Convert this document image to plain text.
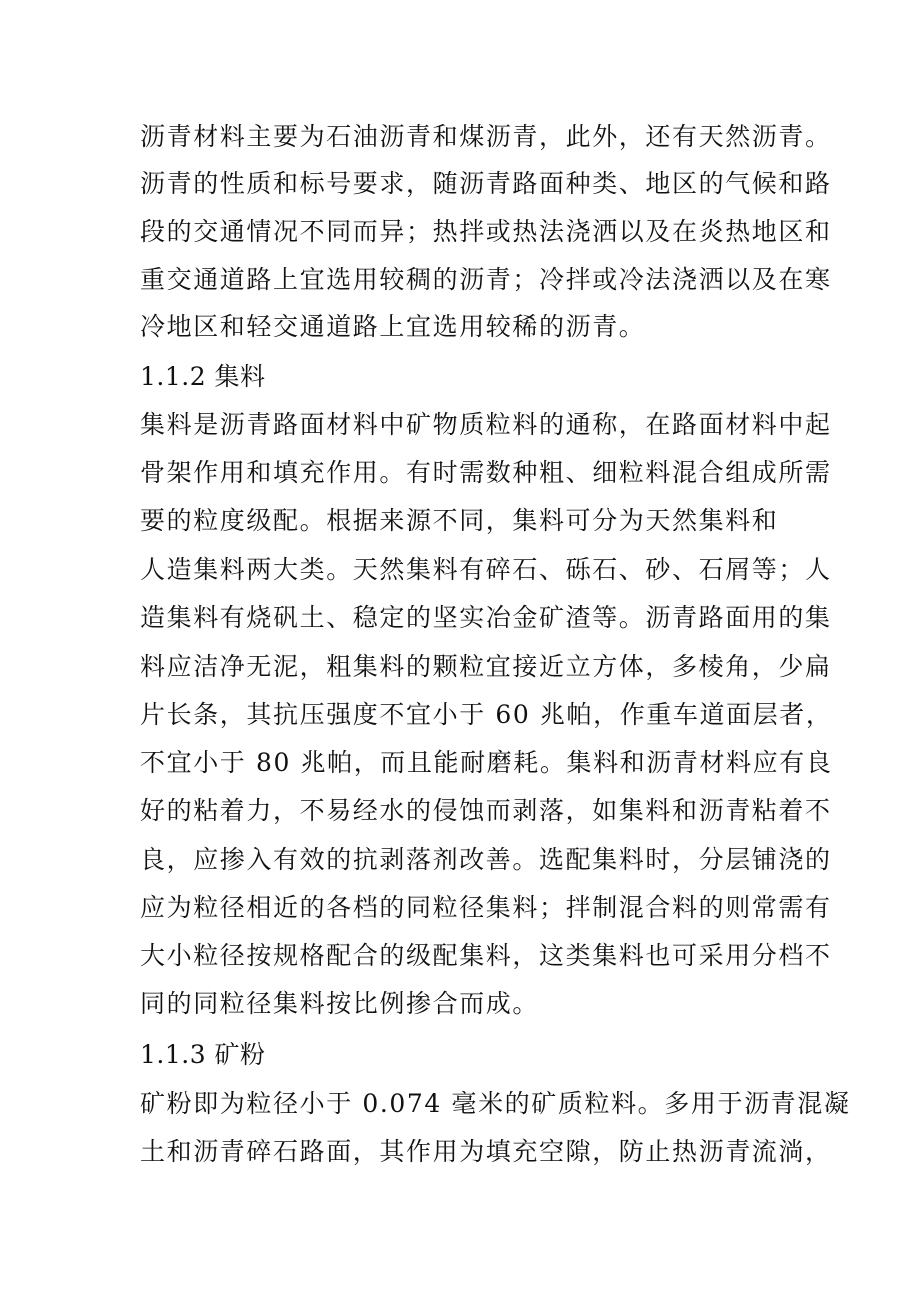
沥青材料主要为石油沥青和煤沥青，此外，还有天然沥青。
沥青的性质和标号要求，随沥青路面种类、地区的气候和路
段的交通情况不同而异；热拌或热法浇洒以及在炎热地区和
重交通道路上宜选用较稠的沥青；冷拌或冷法浇洒以及在寒
冷地区和轻交通道路上宜选用较稀的沥青。
1.1.2 集料
集料是沥青路面材料中矿物质粒料的通称，在路面材料中起
骨架作用和填充作用。有时需数种粗、细粒料混合组成所需
要的粒度级配。根据来源不同，集料可分为天然集料和
人造集料两大类。天然集料有碎石、砾石、砂、石屑等；人
造集料有烧矾土、稳定的坚实冶金矿渣等。沥青路面用的集
料应洁净无泥，粗集料的颗粒宜接近立方体，多棱角，少扁
片长条，其抗压强度不宜小于 60 兆帕，作重车道面层者，
不宜小于 80 兆帕，而且能耐磨耗。集料和沥青材料应有良
好的粘着力，不易经水的侵蚀而剥落，如集料和沥青粘着不
良，应掺入有效的抗剥落剂改善。选配集料时，分层铺浇的
应为粒径相近的各档的同粒径集料；拌制混合料的则常需有
大小粒径按规格配合的级配集料，这类集料也可采用分档不
同的同粒径集料按比例掺合而成。
1.1.3 矿粉
矿粉即为粒径小于 0.074 毫米的矿质粒料。多用于沥青混凝
土和沥青碎石路面，其作用为填充空隙，防止热沥青流淌，
